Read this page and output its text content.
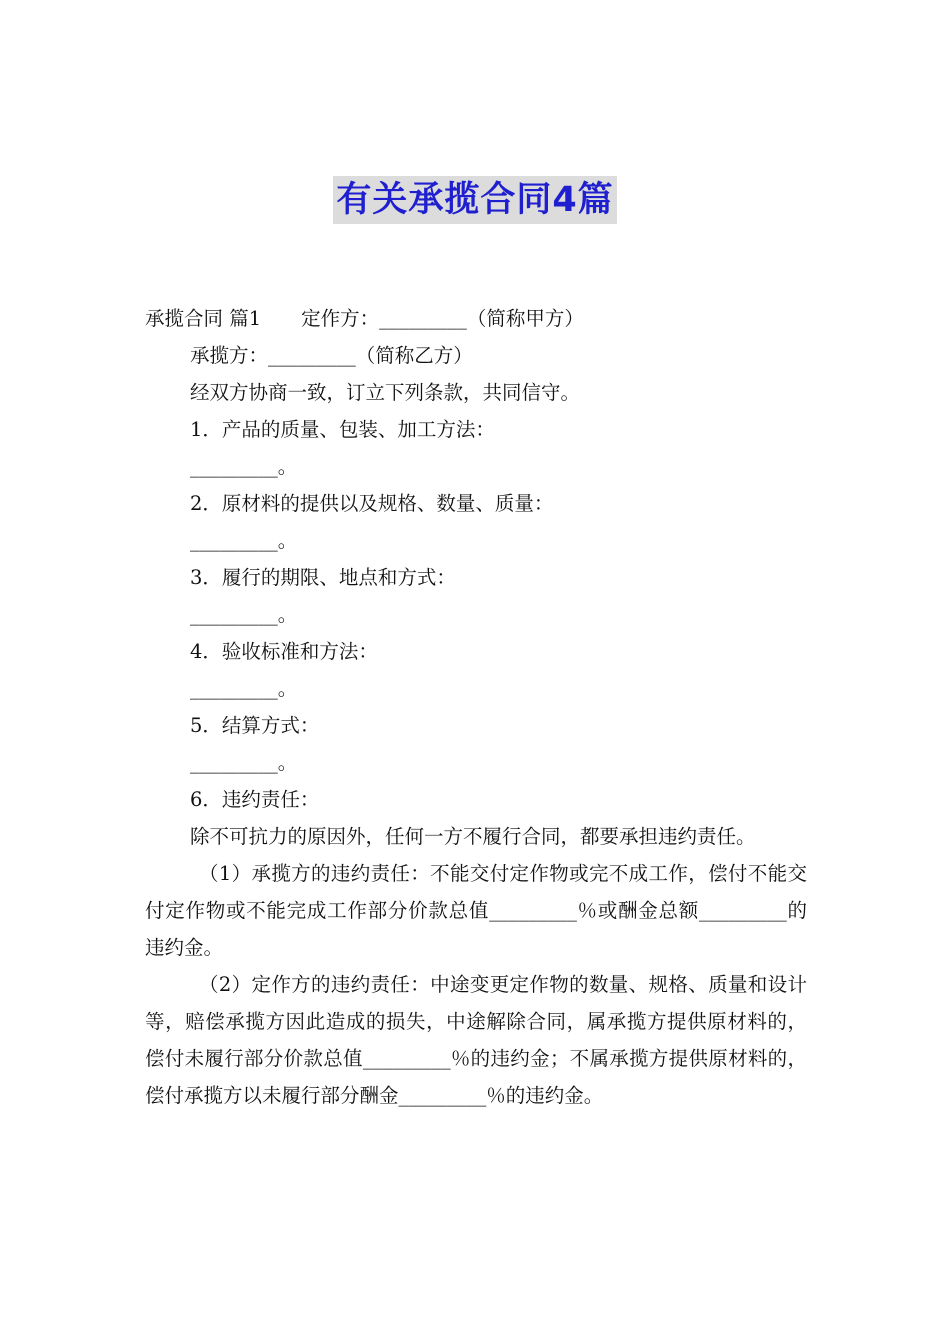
有关承揽合同4篇
承揽合同 篇1 定作方：_________（简称甲方）
承揽方：_________（简称乙方）
经双方协商一致，订立下列条款，共同信守。
1．产品的质量、包装、加工方法：
_________。
2．原材料的提供以及规格、数量、质量：
_________。
3．履行的期限、地点和方式：
_________。
4．验收标准和方法：
_________。
5．结算方式：
_________。
6．违约责任：
除不可抗力的原因外，任何一方不履行合同，都要承担违约责任。
（1）承揽方的违约责任：不能交付定作物或完不成工作，偿付不能交付定作物或不能完成工作部分价款总值_________％或酬金总额_________的违约金。
（2）定作方的违约责任：中途变更定作物的数量、规格、质量和设计等，赔偿承揽方因此造成的损失，中途解除合同，属承揽方提供原材料的，偿付未履行部分价款总值_________％的违约金；不属承揽方提供原材料的，偿付承揽方以未履行部分酬金_________％的违约金。
